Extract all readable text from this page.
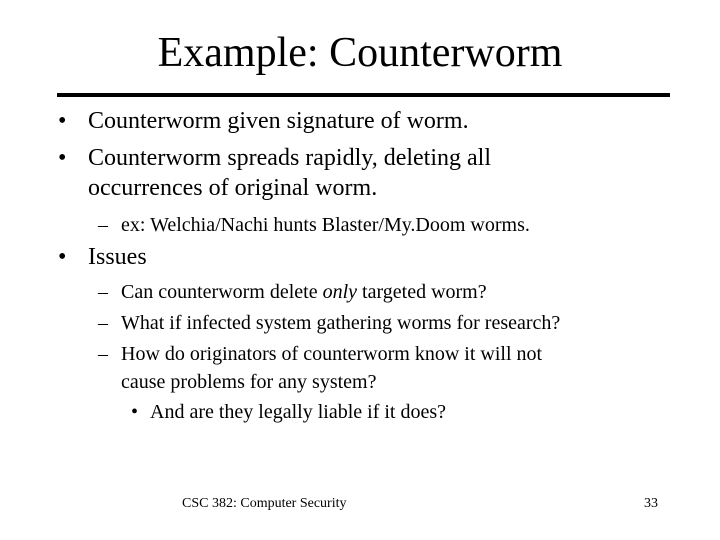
Example: Counterworm
• Counterworm given signature of worm.
• Counterworm spreads rapidly, deleting all
occurrences of original worm.
– ex: Welchia/Nachi hunts Blaster/My.Doom worms.
• Issues
– Can counterworm delete only targeted worm?
– What if infected system gathering worms for research?
– How do originators of counterworm know it will not
cause problems for any system?
• And are they legally liable if it does?
CSC 382: Computer Security	33
